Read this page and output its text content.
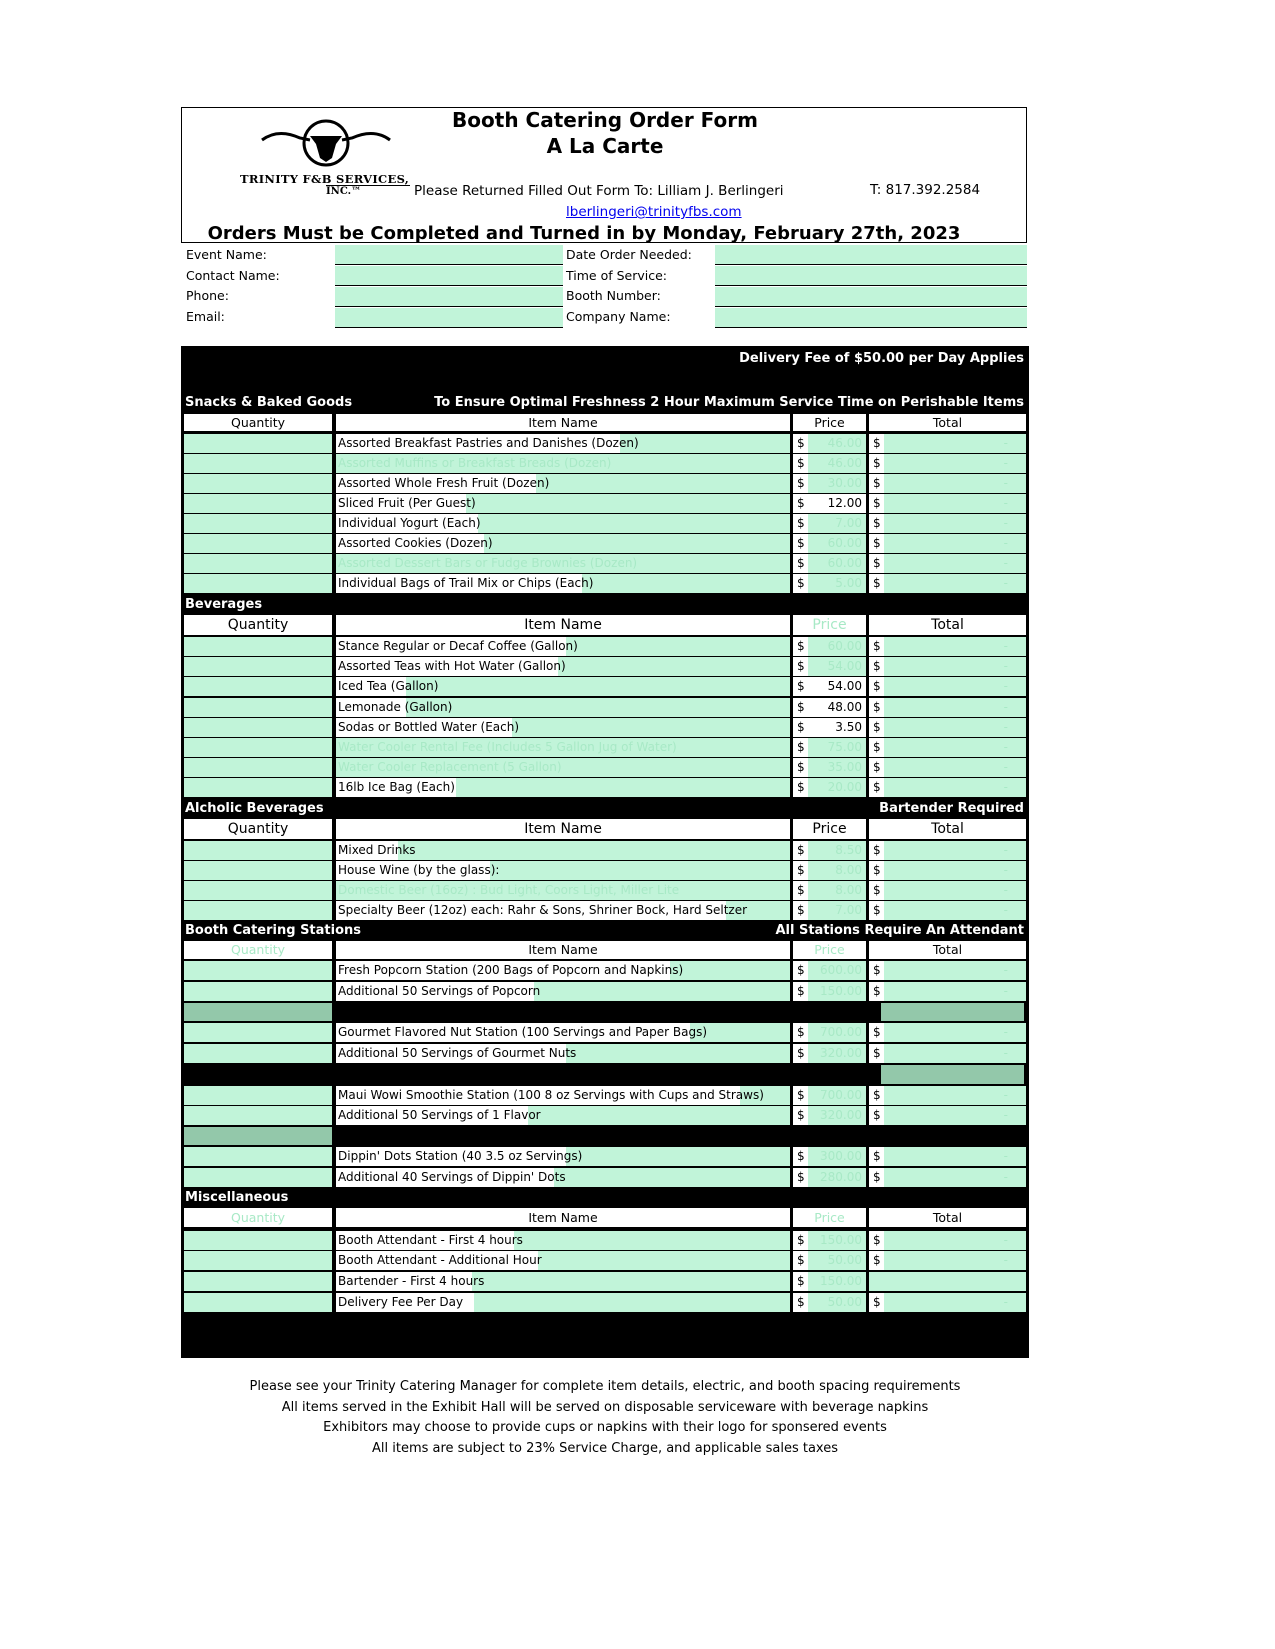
TRINITY F&B SERVICES,
INC.™
Booth Catering Order Form
A La Carte
Please Returned Filled Out Form To: Lilliam J. Berlingeri	T: 817.392.2584
lberlingeri@trinityfbs.com
Orders Must be Completed and Turned in by Monday, February 27th, 2023
Event Name:
Contact Name:
Phone:
Email:
Date Order Needed:
Time of Service:
Booth Number:
Company Name:
Delivery Fee of $50.00 per Day Applies
Snacks & Baked Goods	To Ensure Optimal Freshness 2 Hour Maximum Service Time on Perishable Items
Quantity	Item Name	Price	Total
Assorted Breakfast Pastries and Danishes (Dozen)	$	46.00 $	-
Assorted Muffins or Breakfast Breads (Dozen)	$	46.00 $	-
Assorted Whole Fresh Fruit (Dozen)	$	30.00 $	-
Sliced Fruit (Per Guest)	$	12.00 $	-
Individual Yogurt (Each)	$	7.00 $	-
Assorted Cookies (Dozen)	$	60.00 $	-
Assorted Dessert Bars or Fudge Brownies (Dozen)	$	60.00 $	-
Individual Bags of Trail Mix or Chips (Each)	$	5.00 $	-
Beverages
Quantity	Item Name	Price	Total
Stance Regular or Decaf Coffee (Gallon)	$	60.00 $	-
Assorted Teas with Hot Water (Gallon)	$	54.00 $	-
Iced Tea (Gallon)	$	54.00 $	-
Lemonade (Gallon)	$	48.00 $	-
Sodas or Bottled Water (Each)	$	3.50 $	-
Water Cooler Rental Fee (Includes 5 Gallon Jug of Water)	$	75.00 $	-
Water Cooler Replacement (5 Gallon)	$	35.00 $	-
16lb Ice Bag (Each)	$	20.00 $	-
Alcholic Beverages	Bartender Required
Quantity	Item Name	Price	Total
Mixed Drinks	$	8.50 $	-
House Wine (by the glass):	$	8.00 $	-
Domestic Beer (16oz) : Bud Light, Coors Light, Miller Lite	$	8.00 $	-
Specialty Beer (12oz) each: Rahr & Sons, Shriner Bock, Hard Seltzer	$	7.00 $	-
Booth Catering Stations	All Stations Require An Attendant
Quantity	Item Name	Price	Total
Fresh Popcorn Station (200 Bags of Popcorn and Napkins)	$	600.00 $	-
Additional 50 Servings of Popcorn	$	150.00 $	-
Gourmet Flavored Nut Station (100 Servings and Paper Bags)	$	700.00 $	-
Additional 50 Servings of Gourmet Nuts	$	320.00 $	-
Maui Wowi Smoothie Station (100 8 oz Servings with Cups and Straws)	$	700.00 $	-
Additional 50 Servings of 1 Flavor	$	320.00 $	-
Dippin' Dots Station (40 3.5 oz Servings)	$	300.00 $	-
Additional 40 Servings of Dippin' Dots	$	280.00 $	-
Miscellaneous
Quantity	Item Name	Price	Total
Booth Attendant - First 4 hours	$	150.00 $	-
Booth Attendant - Additional Hour	$	50.00 $	-
Bartender - First 4 hours	$	150.00
Delivery Fee Per Day	$	50.00 $	-
Please see your Trinity Catering Manager for complete item details, electric, and booth spacing requirements
All items served in the Exhibit Hall will be served on disposable serviceware with beverage napkins
Exhibitors may choose to provide cups or napkins with their logo for sponsered events
All items are subject to 23% Service Charge, and applicable sales taxes
